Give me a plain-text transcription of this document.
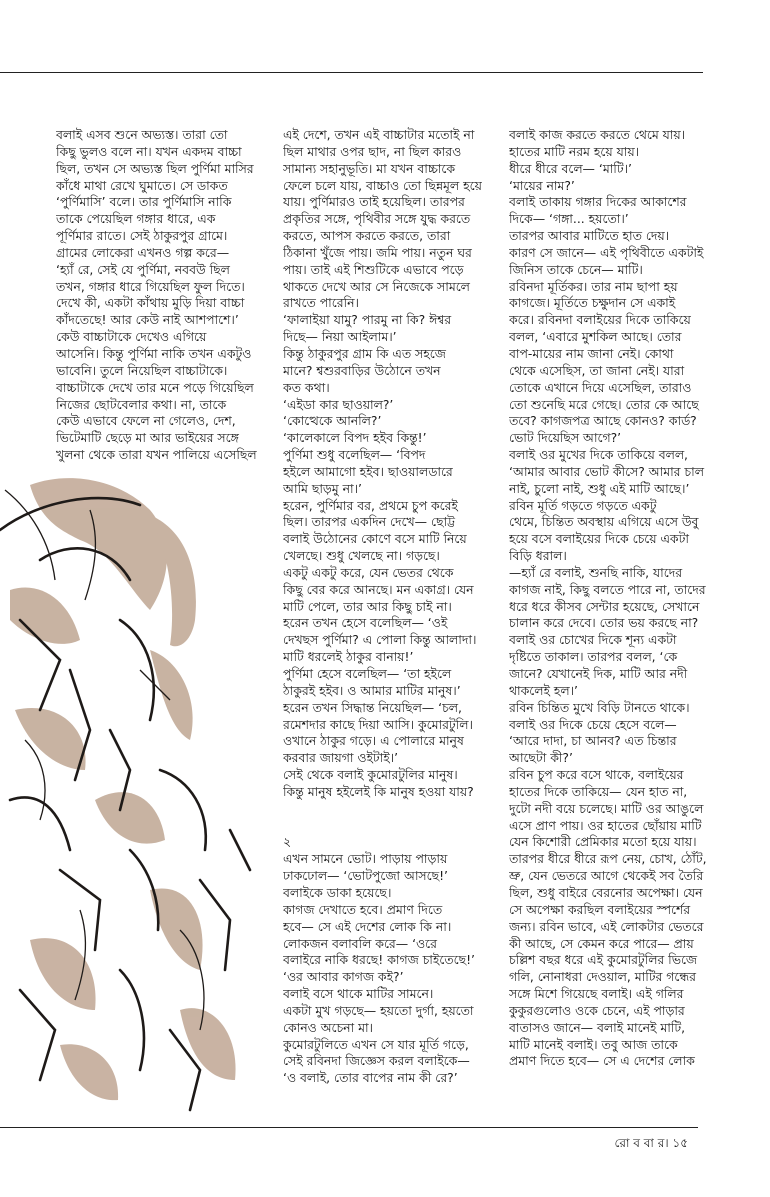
বলাই এসব শুনে অভ্যস্ত। তারা তো
কিছু ভুলও বলে না। যখন একদম বাচ্চা
ছিল, তখন সে অভ্যস্ত ছিল পুর্ণিমা মাসির
কাঁধে মাথা রেখে ঘুমাতে। সে ডাকত
‘পুর্ণিমাসি’ বলে। তার পুর্ণিমাসি নাকি
তাকে পেয়েছিল গঙ্গার ধারে, এক
পূর্ণিমার রাতে। সেই ঠাকুরপুর গ্রামে।
গ্রামের লোকেরা এখনও গল্প করে—
‘হ্যাঁ রে, সেই যে পুর্ণিমা, নববউ ছিল
তখন, গঙ্গার ধারে গিয়েছিল ফুল দিতে।
দেখে কী, একটা কাঁথায় মুড়ি দিয়া বাচ্চা
কাঁদতেছে! আর কেউ নাই আশপাশে।’
কেউ বাচ্চাটাকে দেখেও এগিয়ে
আসেনি। কিন্তু পুর্ণিমা নাকি তখন একটুও
ভাবেনি। তুলে নিয়েছিল বাচ্চাটাকে।
বাচ্চাটাকে দেখে তার মনে পড়ে গিয়েছিল
নিজের ছোটবেলার কথা। না, তাকে
কেউ এভাবে ফেলে না গেলেও, দেশ,
ভিটেমাটি ছেড়ে মা আর ভাইয়ের সঙ্গে
খুলনা থেকে তারা যখন পালিয়ে এসেছিল
এই দেশে, তখন এই বাচ্চাটার মতোই না
ছিল মাথার ওপর ছাদ, না ছিল কারও
সামান্য সহানুভূতি। মা যখন বাচ্চাকে
ফেলে চলে যায়, বাচ্চাও তো ছিন্নমূল হয়ে
যায়। পুর্ণিমারও তাই হয়েছিল। তারপর
প্রকৃতির সঙ্গে, পৃথিবীর সঙ্গে যুদ্ধ করতে
করতে, আপস করতে করতে, তারা
ঠিকানা খুঁজে পায়। জমি পায়। নতুন ঘর
পায়। তাই এই শিশুটিকে এভাবে পড়ে
থাকতে দেখে আর সে নিজেকে সামলে
রাখতে পারেনি।
‘ফালাইয়া যামু? পারমু না কি? ঈশ্বর
দিছে— নিয়া আইলাম।’
কিন্তু ঠাকুরপুর গ্রাম কি এত সহজে
মানে? শ্বশুরবাড়ির উঠোনে তখন
কত কথা।
‘এইডা কার ছাওয়াল?’
‘কোত্থেকে আনলি?’
‘কালেকালে বিপদ হইব কিন্তু!’
পুর্ণিমা শুধু বলেছিল— ‘বিপদ
হইলে আমাগো হইব। ছাওয়ালডারে
আমি ছাড়মু না।’
হরেন, পুর্ণিমার বর, প্রথমে চুপ করেই
ছিল। তারপর একদিন দেখে— ছোট্ট
বলাই উঠোনের কোণে বসে মাটি নিয়ে
খেলছে। শুধু খেলছে না। গড়ছে।
একটু একটু করে, যেন ভেতর থেকে
কিছু বের করে আনছে। মন একাগ্র। যেন
মাটি পেলে, তার আর কিছু চাই না।
হরেন তখন হেসে বলেছিল— ‘ওই
দেখছস পুর্ণিমা? এ পোলা কিন্তু আলাদা।
মাটি ধরলেই ঠাকুর বানায়!’
পুর্ণিমা হেসে বলেছিল— ‘তা হইলে
ঠাকুরই হইব। ও আমার মাটির মানুষ।’
হরেন তখন সিদ্ধান্ত নিয়েছিল— ‘চল,
রমেশদার কাছে দিয়া আসি। কুমোরটুলি।
ওখানে ঠাকুর গড়ে। এ পোলারে মানুষ
করবার জায়গা ওইটাই।’
সেই থেকে বলাই কুমোরটুলির মানুষ।
কিন্তু মানুষ হইলেই কি মানুষ হওয়া যায়?
২
এখন সামনে ভোট। পাড়ায় পাড়ায়
ঢাকঢোল— ‘ভোটপুজো আসছে!’
বলাইকে ডাকা হয়েছে।
কাগজ দেখাতে হবে। প্রমাণ দিতে
হবে— সে এই দেশের লোক কি না।
লোকজন বলাবলি করে— ‘ওরে
বলাইরে নাকি ধরছে! কাগজ চাইতেছে!’
‘ওর আবার কাগজ কই?’
বলাই বসে থাকে মাটির সামনে।
একটা মুখ গড়ছে— হয়তো দুর্গা, হয়তো
কোনও অচেনা মা।
কুমোরটুলিতে এখন সে যার মূর্তি গড়ে,
সেই রবিনদা জিজ্ঞেস করল বলাইকে—
‘ও বলাই, তোর বাপের নাম কী রে?’
বলাই কাজ করতে করতে থেমে যায়।
হাতের মাটি নরম হয়ে যায়।
ধীরে ধীরে বলে— ‘মাটি।’
‘মায়ের নাম?’
বলাই তাকায় গঙ্গার দিকের আকাশের
দিকে— ‘গঙ্গা... হয়তো।’
তারপর আবার মাটিতে হাত দেয়।
কারণ সে জানে— এই পৃথিবীতে একটাই
জিনিস তাকে চেনে— মাটি।
রবিনদা মূর্তিকর। তার নাম ছাপা হয়
কাগজে। মূর্তিতে চক্ষুদান সে একাই
করে। রবিনদা বলাইয়ের দিকে তাকিয়ে
বলল, ‘এবারে মুশকিল আছে। তোর
বাপ-মায়ের নাম জানা নেই। কোথা
থেকে এসেছিস, তা জানা নেই। যারা
তোকে এখানে দিয়ে এসেছিল, তারাও
তো শুনেছি মরে গেছে। তোর কে আছে
তবে? কাগজপত্র আছে কোনও? কার্ড?
ভোট দিয়েছিস আগে?’
বলাই ওর মুখের দিকে তাকিয়ে বলল,
‘আমার আবার ভোট কীসে? আমার চাল
নাই, চুলো নাই, শুধু এই মাটি আছে।’
রবিন মূর্তি গড়তে গড়তে একটু
থেমে, চিন্তিত অবস্থায় এগিয়ে এসে উবু
হয়ে বসে বলাইয়ের দিকে চেয়ে একটা
বিড়ি ধরাল।
—হ্যাঁ রে বলাই, শুনছি নাকি, যাদের
কাগজ নাই, কিছু বলতে পারে না, তাদের
ধরে ধরে কীসব সেন্টার হয়েছে, সেখানে
চালান করে দেবে। তোর ভয় করছে না?
বলাই ওর চোখের দিকে শূন্য একটা
দৃষ্টিতে তাকাল। তারপর বলল, ‘কে
জানে? যেখানেই দিক, মাটি আর নদী
থাকলেই হল।’
রবিন চিন্তিত মুখে বিড়ি টানতে থাকে।
বলাই ওর দিকে চেয়ে হেসে বলে—
‘আরে দাদা, চা আনব? এত চিন্তার
আছেটা কী?’
রবিন চুপ করে বসে থাকে, বলাইয়ের
হাতের দিকে তাকিয়ে— যেন হাত না,
দুটো নদী বয়ে চলেছে। মাটি ওর আঙুলে
এসে প্রাণ পায়। ওর হাতের ছোঁয়ায় মাটি
যেন কিশোরী প্রেমিকার মতো হয়ে যায়।
তারপর ধীরে ধীরে রূপ নেয়, চোখ, ঠোঁট,
ভ্রু, যেন ভেতরে আগে থেকেই সব তৈরি
ছিল, শুধু বাইরে বেরনোর অপেক্ষা। যেন
সে অপেক্ষা করছিল বলাইয়ের স্পর্শের
জন্য। রবিন ভাবে, এই লোকটার ভেতরে
কী আছে, সে কেমন করে পারে— প্রায়
চল্লিশ বছর ধরে এই কুমোরটুলির ভিজে
গলি, নোনাধরা দেওয়াল, মাটির গন্ধের
সঙ্গে মিশে গিয়েছে বলাই। এই গলির
কুকুরগুলোও ওকে চেনে, এই পাড়ার
বাতাসও জানে— বলাই মানেই মাটি,
মাটি মানেই বলাই। তবু আজ তাকে
প্রমাণ দিতে হবে— সে এ দেশের লোক
রো ব বা র। ১৫
